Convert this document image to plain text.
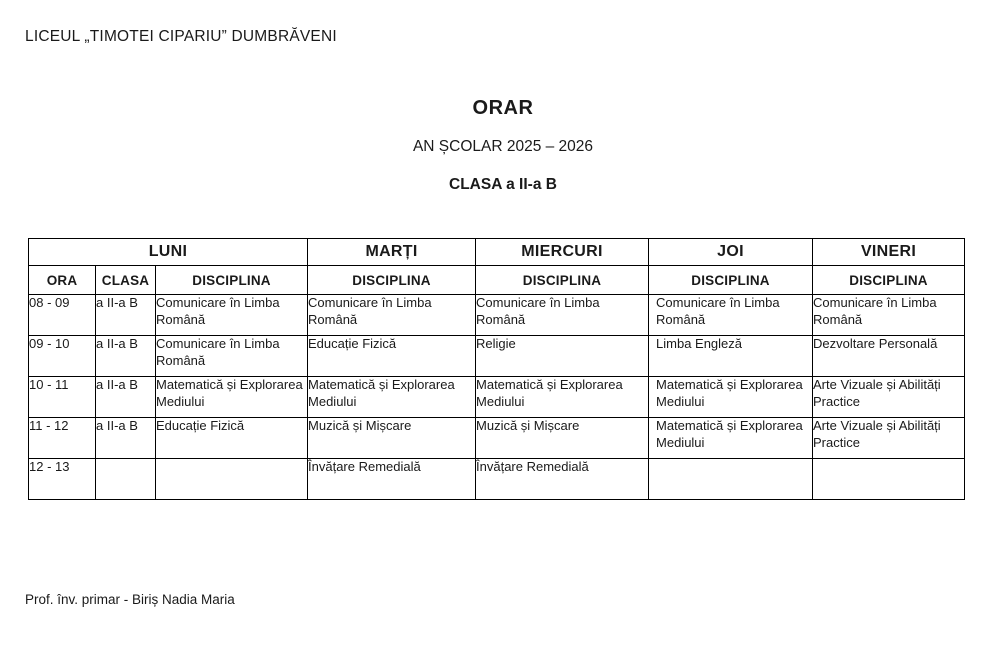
LICEUL „TIMOTEI CIPARIU” DUMBRĂVENI
ORAR
AN ȘCOLAR 2025 – 2026
CLASA a II-a B
LUNI			MARȚI	MIERCURI	JOI	VINERI
ORA	CLASA	DISCIPLINA	DISCIPLINA	DISCIPLINA	DISCIPLINA	DISCIPLINA
08 - 09	a II-a B	Comunicare în Limba Română	Comunicare în Limba Română	Comunicare în Limba Română	Comunicare în Limba Română	Comunicare în Limba Română
09 - 10	a II-a B	Comunicare în Limba Română	Educație Fizică	Religie	Limba Engleză	Dezvoltare Personală
10 - 11	a II-a B	Matematică și Explorarea Mediului	Matematică și Explorarea Mediului	Matematică și Explorarea Mediului	Matematică și Explorarea Mediului	Arte Vizuale și Abilități Practice
11 - 12	a II-a B	Educație Fizică	Muzică și Mișcare	Muzică și Mișcare	Matematică și Explorarea Mediului	Arte Vizuale și Abilități Practice
12 - 13			Învățare Remedială	Învățare Remedială		
Prof. înv. primar - Biriș Nadia Maria
